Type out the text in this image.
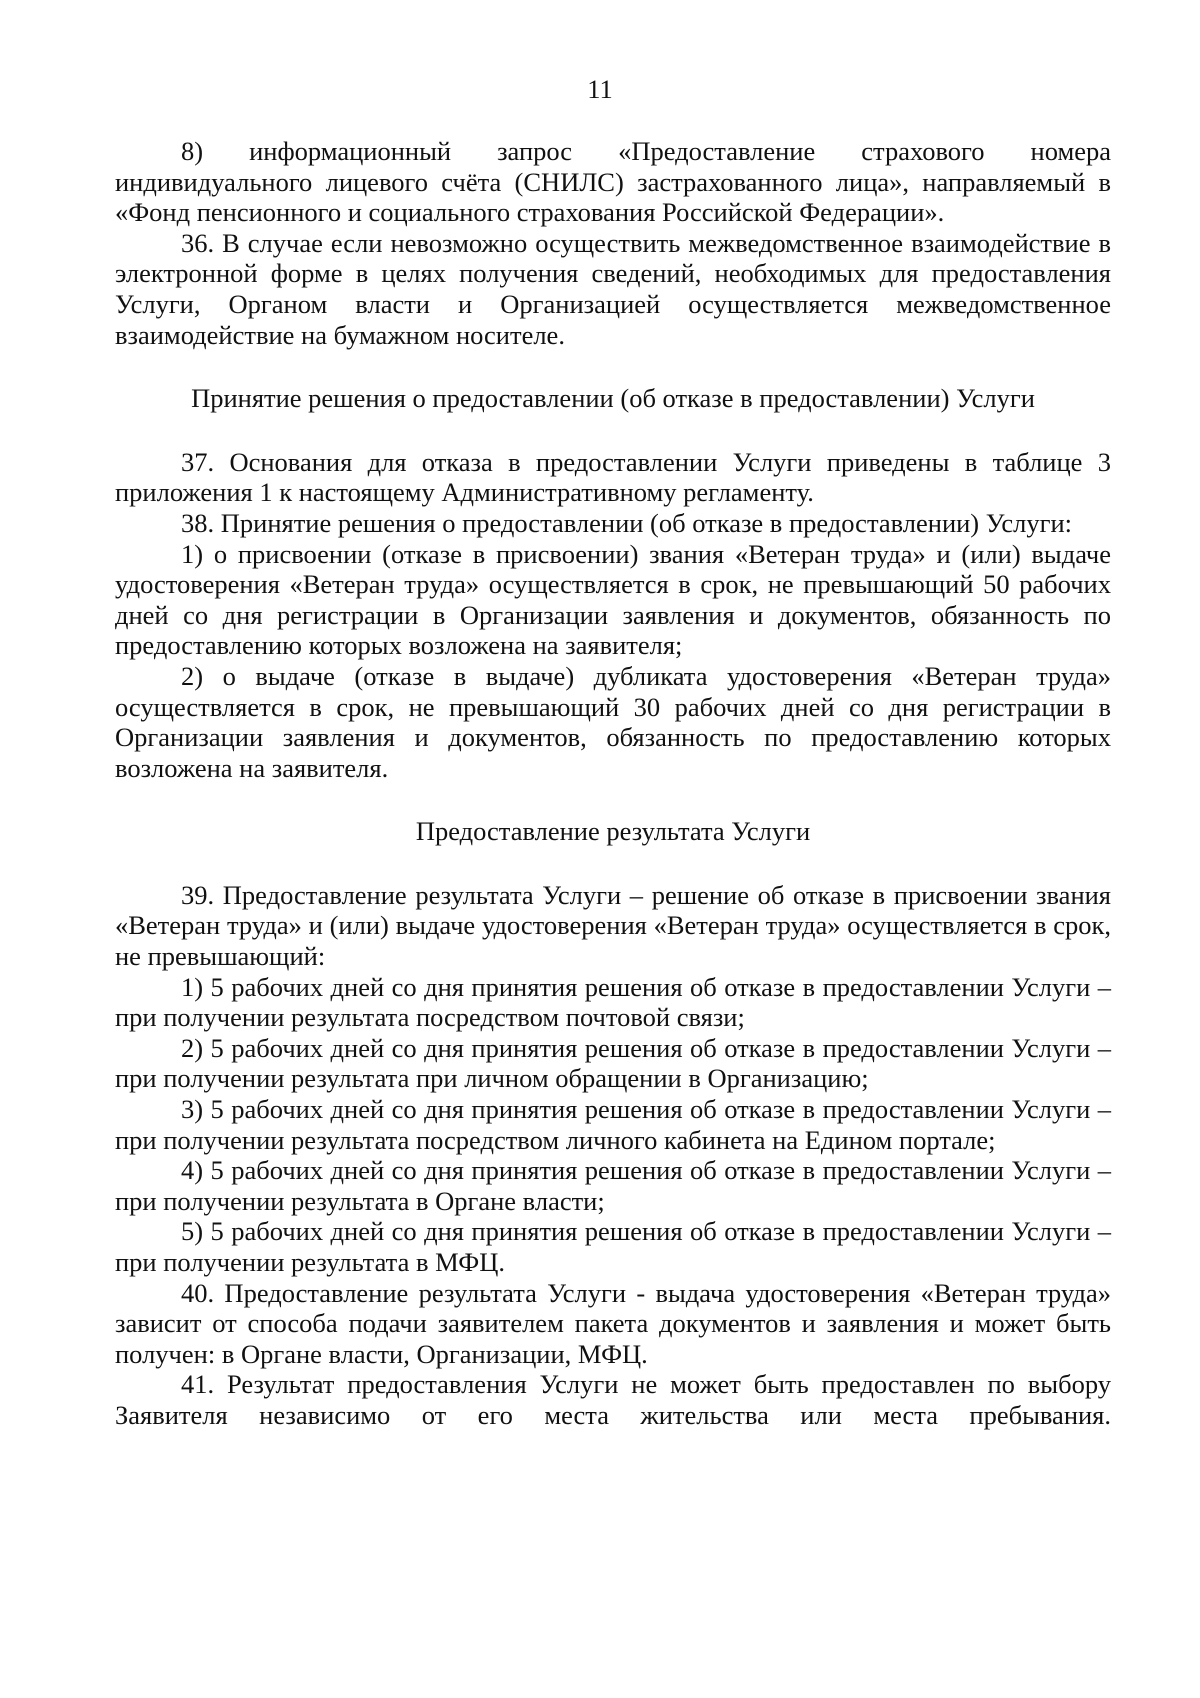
11

8) информационный запрос «Предоставление страхового номера индивидуального лицевого счёта (СНИЛС) застрахованного лица», направляемый в «Фонд пенсионного и социального страхования Российской Федерации».

36. В случае если невозможно осуществить межведомственное взаимодействие в электронной форме в целях получения сведений, необходимых для предоставления Услуги, Органом власти и Организацией осуществляется межведомственное взаимодействие на бумажном носителе.

Принятие решения о предоставлении (об отказе в предоставлении) Услуги

37. Основания для отказа в предоставлении Услуги приведены в таблице 3 приложения 1 к настоящему Административному регламенту.

38. Принятие решения о предоставлении (об отказе в предоставлении) Услуги:

1) о присвоении (отказе в присвоении) звания «Ветеран труда» и (или) выдаче удостоверения «Ветеран труда» осуществляется в срок, не превышающий 50 рабочих дней со дня регистрации в Организации заявления и документов, обязанность по предоставлению которых возложена на заявителя;

2) о выдаче (отказе в выдаче) дубликата удостоверения «Ветеран труда» осуществляется в срок, не превышающий 30 рабочих дней со дня регистрации в Организации заявления и документов, обязанность по предоставлению которых возложена на заявителя.

Предоставление результата Услуги

39. Предоставление результата Услуги – решение об отказе в присвоении звания «Ветеран труда» и (или) выдаче удостоверения «Ветеран труда» осуществляется в срок, не превышающий:

1) 5 рабочих дней со дня принятия решения об отказе в предоставлении Услуги – при получении результата посредством почтовой связи;

2) 5 рабочих дней со дня принятия решения об отказе в предоставлении Услуги – при получении результата при личном обращении в Организацию;

3) 5 рабочих дней со дня принятия решения об отказе в предоставлении Услуги – при получении результата посредством личного кабинета на Едином портале;

4) 5 рабочих дней со дня принятия решения об отказе в предоставлении Услуги – при получении результата в Органе власти;

5) 5 рабочих дней со дня принятия решения об отказе в предоставлении Услуги – при получении результата в МФЦ.

40. Предоставление результата Услуги - выдача удостоверения «Ветеран труда» зависит от способа подачи заявителем пакета документов и заявления и может быть получен: в Органе власти, Организации, МФЦ.

41. Результат предоставления Услуги не может быть предоставлен по выбору Заявителя независимо от его места жительства или места пребывания.
